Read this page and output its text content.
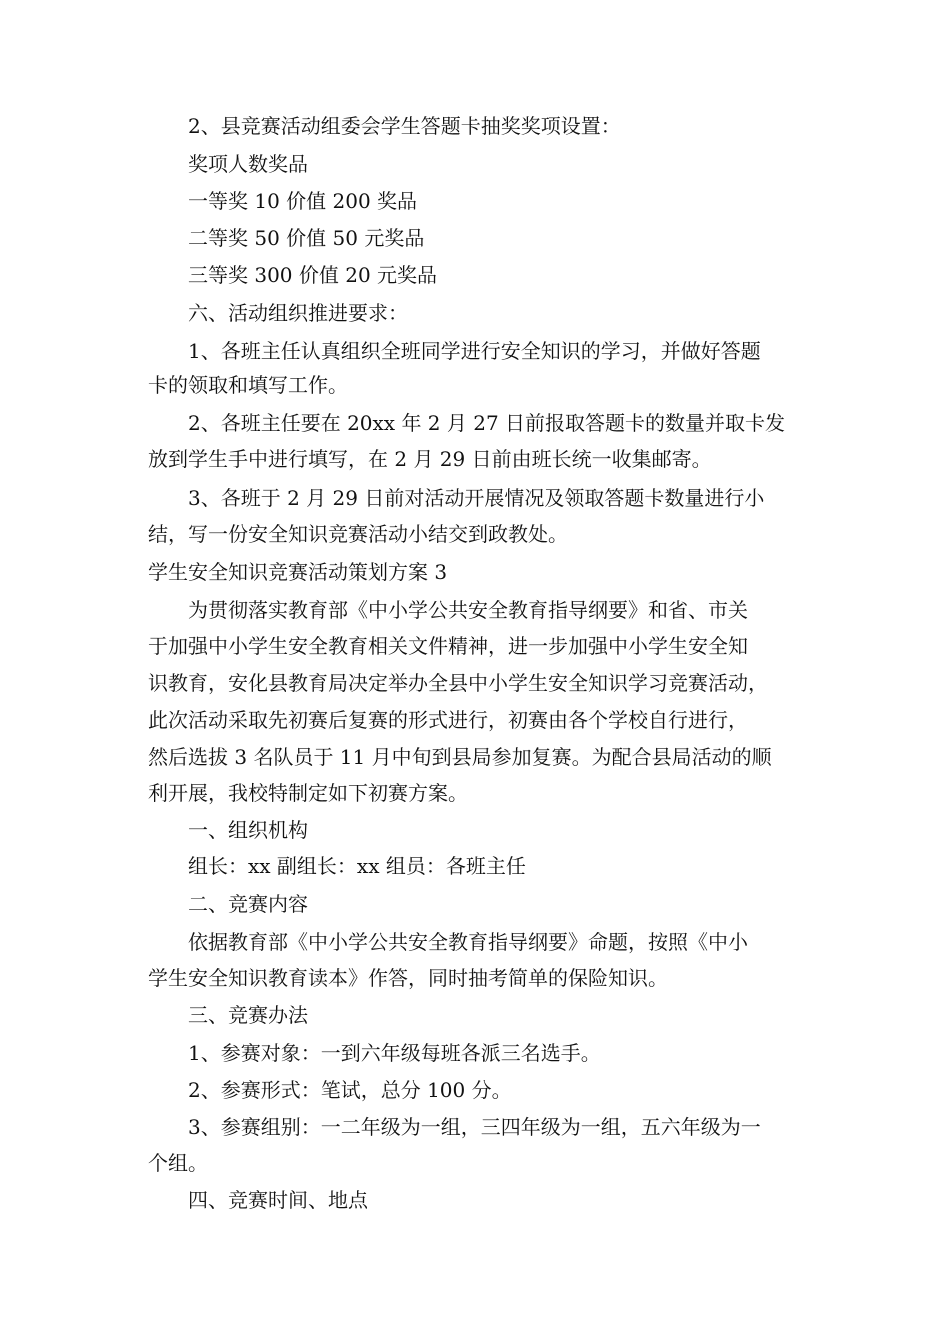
2、县竞赛活动组委会学生答题卡抽奖奖项设置：
奖项人数奖品
一等奖 10 价值 200 奖品
二等奖 50 价值 50 元奖品
三等奖 300 价值 20 元奖品
六、活动组织推进要求：
1、各班主任认真组织全班同学进行安全知识的学习，并做好答题
卡的领取和填写工作。
2、各班主任要在 20xx 年 2 月 27 日前报取答题卡的数量并取卡发
放到学生手中进行填写，在 2 月 29 日前由班长统一收集邮寄。
3、各班于 2 月 29 日前对活动开展情况及领取答题卡数量进行小
结，写一份安全知识竞赛活动小结交到政教处。
学生安全知识竞赛活动策划方案 3
为贯彻落实教育部《中小学公共安全教育指导纲要》和省、市关
于加强中小学生安全教育相关文件精神，进一步加强中小学生安全知
识教育，安化县教育局决定举办全县中小学生安全知识学习竞赛活动，
此次活动采取先初赛后复赛的形式进行，初赛由各个学校自行进行，
然后选拔 3 名队员于 11 月中旬到县局参加复赛。为配合县局活动的顺
利开展，我校特制定如下初赛方案。
一、组织机构
组长：xx 副组长：xx 组员：各班主任
二、竞赛内容
依据教育部《中小学公共安全教育指导纲要》命题，按照《中小
学生安全知识教育读本》作答，同时抽考简单的保险知识。
三、竞赛办法
1、参赛对象：一到六年级每班各派三名选手。
2、参赛形式：笔试，总分 100 分。
3、参赛组别：一二年级为一组，三四年级为一组，五六年级为一
个组。
四、竞赛时间、地点
